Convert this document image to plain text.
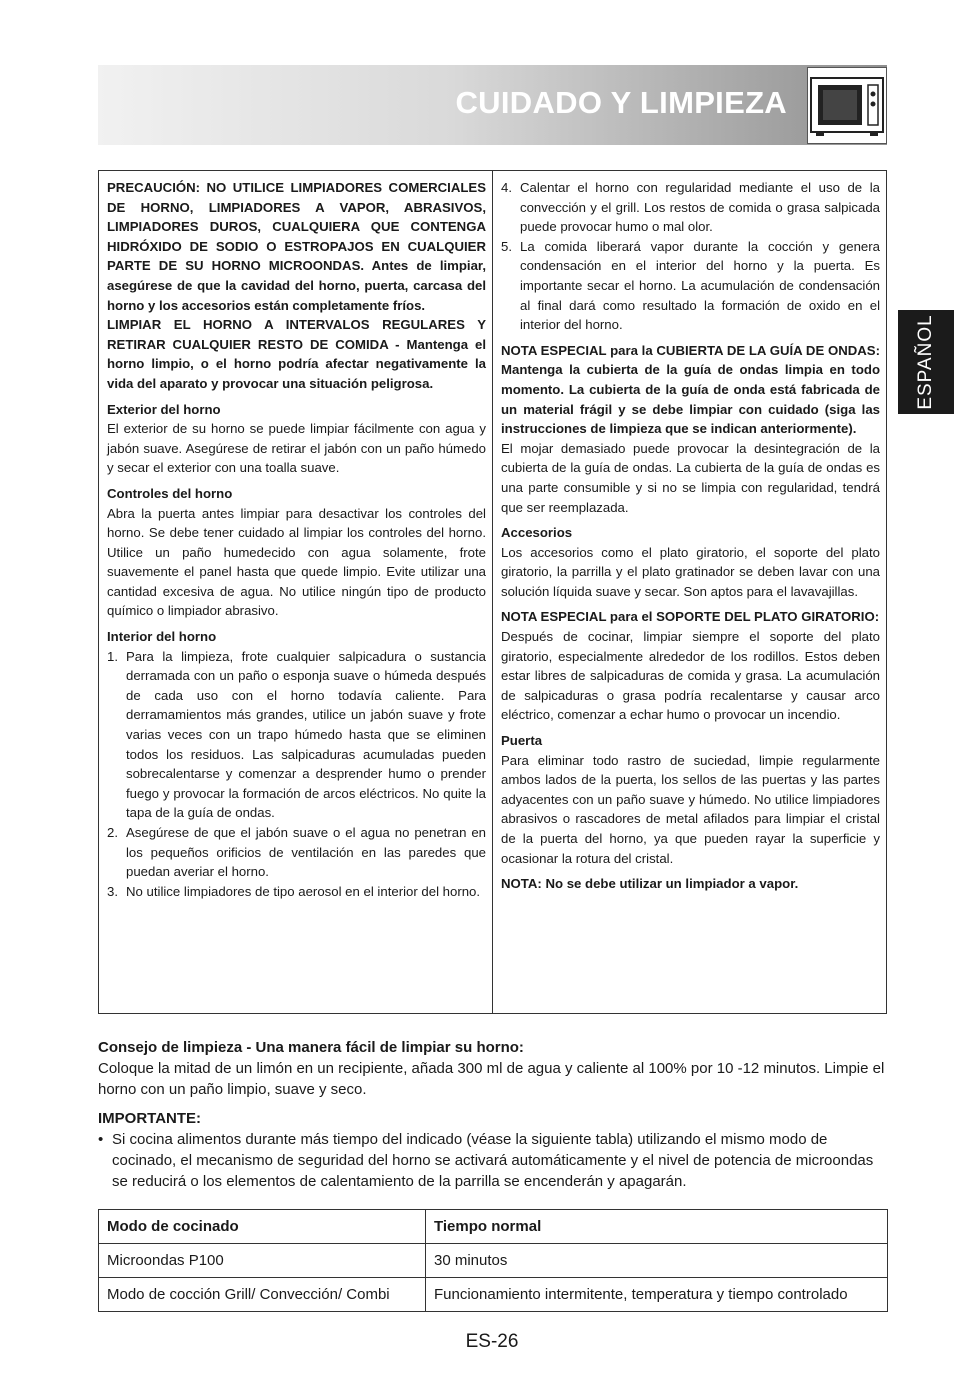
CUIDADO Y LIMPIEZA
ESPAÑOL

PRECAUCIÓN: NO UTILICE LIMPIADORES COMERCIALES DE HORNO, LIMPIADORES A VAPOR, ABRASIVOS, LIMPIADORES DUROS, CUALQUIERA QUE CONTENGA HIDRÓXIDO DE SODIO O ESTROPAJOS EN CUALQUIER PARTE DE SU HORNO MICROONDAS. Antes de limpiar, asegúrese de que la cavidad del horno, puerta, carcasa del horno y los accesorios están completamente fríos.

LIMPIAR EL HORNO A INTERVALOS REGULARES Y RETIRAR CUALQUIER RESTO DE COMIDA - Mantenga el horno limpio, o el horno podría afectar negativamente la vida del aparato y provocar una situación peligrosa.

Exterior del horno

El exterior de su horno se puede limpiar fácilmente con agua y jabón suave. Asegúrese de retirar el jabón con un paño húmedo y secar el exterior con una toalla suave.

Controles del horno

Abra la puerta antes limpiar para desactivar los controles del horno. Se debe tener cuidado al limpiar los controles del horno. Utilice un paño humedecido con agua solamente, frote suavemente el panel hasta que quede limpio. Evite utilizar una cantidad excesiva de agua. No utilice ningún tipo de producto químico o limpiador abrasivo.

Interior del horno

1. Para la limpieza, frote cualquier salpicadura o sustancia derramada con un paño o esponja suave o húmeda después de cada uso con el horno todavía caliente. Para derramamientos más grandes, utilice un jabón suave y frote varias veces con un trapo húmedo hasta que se eliminen todos los residuos. Las salpicaduras acumuladas pueden sobrecalentarse y comenzar a desprender humo o prender fuego y provocar la formación de arcos eléctricos. No quite la tapa de la guía de ondas.
2. Asegúrese de que el jabón suave o el agua no penetran en los pequeños orificios de ventilación en las paredes que puedan averiar el horno.
3. No utilice limpiadores de tipo aerosol en el interior del horno.
4. Calentar el horno con regularidad mediante el uso de la convección y el grill. Los restos de comida o grasa salpicada puede provocar humo o mal olor.
5. La comida liberará vapor durante la cocción y genera condensación en el interior del horno y la puerta. Es importante secar el horno. La acumulación de condensación al final dará como resultado la formación de oxido en el interior del horno.

NOTA ESPECIAL para la CUBIERTA DE LA GUÍA DE ONDAS: Mantenga la cubierta de la guía de ondas limpia en todo momento. La cubierta de la guía de onda está fabricada de un material frágil y se debe limpiar con cuidado (siga las instrucciones de limpieza que se indican anteriormente).

El mojar demasiado puede provocar la desintegración de la cubierta de la guía de ondas. La cubierta de la guía de ondas es una parte consumible y si no se limpia con regularidad, tendrá que ser reemplazada.

Accesorios

Los accesorios como el plato giratorio, el soporte del plato giratorio, la parrilla y el plato gratinador se deben lavar con una solución líquida suave y secar. Son aptos para el lavavajillas.

NOTA ESPECIAL para el SOPORTE DEL PLATO GIRATORIO:

Después de cocinar, limpiar siempre el soporte del plato giratorio, especialmente alrededor de los rodillos. Estos deben estar libres de salpicaduras de comida y grasa. La acumulación de salpicaduras o grasa podría recalentarse y causar arco eléctrico, comenzar a echar humo o provocar un incendio.

Puerta

Para eliminar todo rastro de suciedad, limpie regularmente ambos lados de la puerta, los sellos de las puertas y las partes adyacentes con un paño suave y húmedo. No utilice limpiadores abrasivos o rascadores de metal afilados para limpiar el cristal de la puerta del horno, ya que pueden rayar la superficie y ocasionar la rotura del cristal.

NOTA: No se debe utilizar un limpiador a vapor.

Consejo de limpieza - Una manera fácil de limpiar su horno:

Coloque la mitad de un limón en un recipiente, añada 300 ml de agua y caliente al 100% por 10 -12 minutos. Limpie el horno con un paño limpio, suave y seco.

IMPORTANTE:

• Si cocina alimentos durante más tiempo del indicado (véase la siguiente tabla) utilizando el mismo modo de cocinado, el mecanismo de seguridad del horno se activará automáticamente y el nivel de potencia de microondas se reducirá o los elementos de calentamiento de la parrilla se encenderán y apagarán.

Modo de cocinado	Tiempo normal
Microondas P100	30 minutos
Modo de cocción Grill/ Convección/ Combi	Funcionamiento intermitente, temperatura y tiempo controlado
ES-26
